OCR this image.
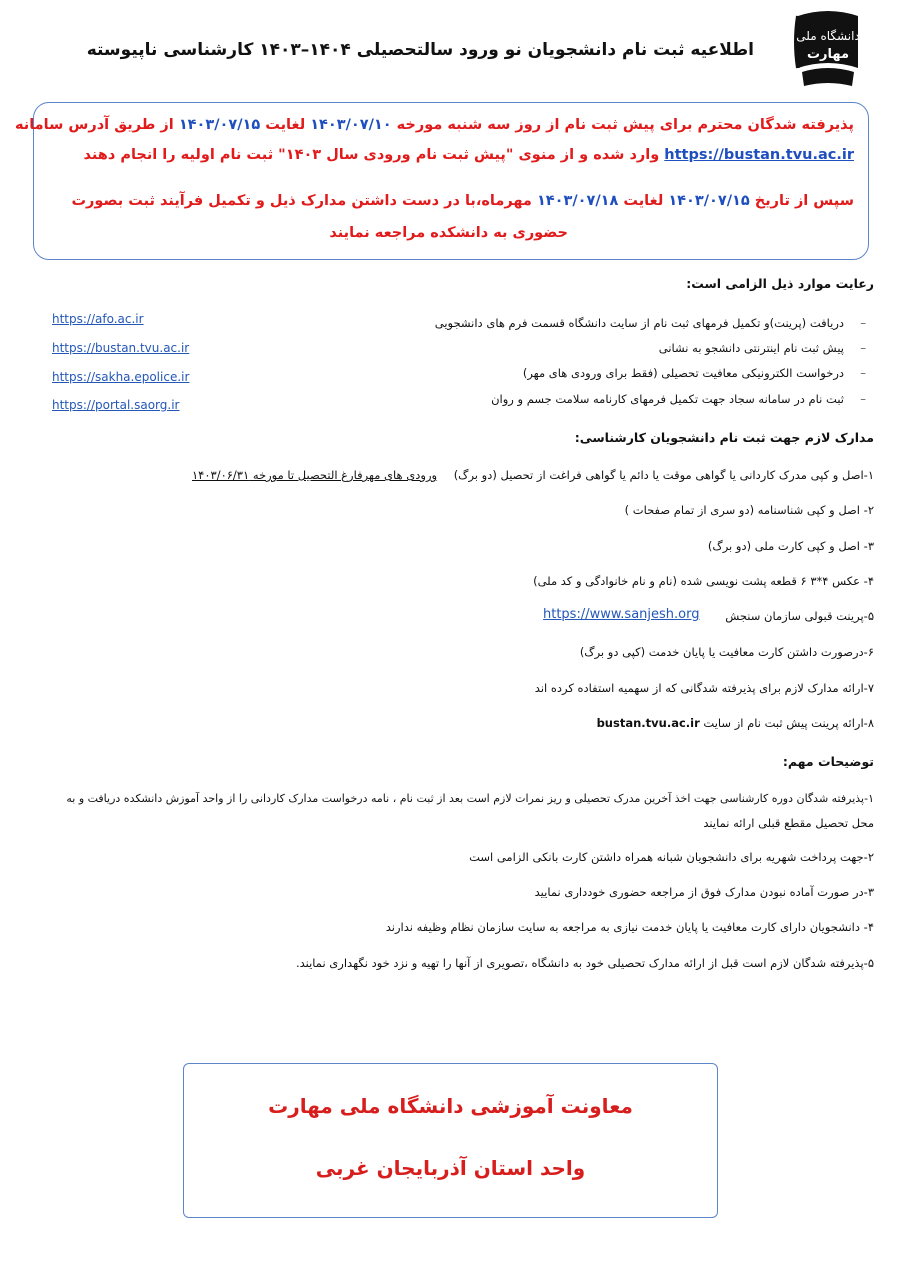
دانشگاه ملی
مهارت
اطلاعیه ثبت نام دانشجویان نو ورود سالتحصیلی ۱۴۰۴–۱۴۰۳ کارشناسی ناپیوسته
پذیرفته شدگان محترم برای پیش ثبت نام از روز سه شنبه مورخه ۱۴۰۳/۰۷/۱۰ لغایت ۱۴۰۳/۰۷/۱۵ از طریق آدرس سامانه
https://bustan.tvu.ac.ir وارد شده و از منوی "پیش ثبت نام ورودی سال ۱۴۰۳" ثبت نام اولیه را انجام دهند
سپس از تاریخ ۱۴۰۳/۰۷/۱۵ لغایت ۱۴۰۳/۰۷/۱۸ مهرماه،با در دست داشتن مدارک ذیل و تکمیل فرآیند ثبت بصورت
حضوری به دانشکده مراجعه نمایند
رعایت موارد ذیل الزامی است:
دریافت (پرینت)و تکمیل فرمهای ثبت نام از سایت دانشگاه قسمت فرم های دانشجویی –
پیش ثبت نام اینترنتی دانشجو به نشانی –
درخواست الکترونیکی معافیت تحصیلی (فقط برای ورودی های مهر) –
ثبت نام در سامانه سجاد جهت تکمیل فرمهای کارنامه سلامت جسم و روان –
https://afo.ac.ir
https://bustan.tvu.ac.ir
https://sakha.epolice.ir
https://portal.saorg.ir
مدارک لازم جهت ثبت نام دانشجویان کارشناسی:
۱-اصل و کپی مدرک کاردانی یا گواهی موقت یا دائم یا گواهی فراغت از تحصیل (دو برگ)
ورودی های مهرفارغ التحصیل تا مورخه ۱۴۰۳/۰۶/۳۱
۲- اصل و کپی شناسنامه (دو سری از تمام صفحات )
۳- اصل و کپی کارت ملی (دو برگ)
۴- عکس ۴*۳ ۶ قطعه پشت نویسی شده (نام و نام خانوادگی و کد ملی)
۵-پرینت قبولی سازمان سنجش
https://www.sanjesh.org
۶-درصورت داشتن کارت معافیت یا پایان خدمت (کپی دو برگ)
۷-ارائه مدارک لازم برای پذیرفته شدگانی که از سهمیه استفاده کرده اند
۸-ارائه پرینت پیش ثبت نام از سایت bustan.tvu.ac.ir
توضیحات مهم:
۱-پذیرفته شدگان دوره کارشناسی جهت اخذ آخرین مدرک تحصیلی و ریز نمرات لازم است بعد از ثبت نام ، نامه درخواست مدارک کاردانی را از واحد آموزش دانشکده دریافت و به
محل تحصیل مقطع قبلی ارائه نمایند
۲-جهت پرداخت شهریه برای دانشجویان شبانه همراه داشتن کارت بانکی الزامی است
۳-در صورت آماده نبودن مدارک فوق از مراجعه حضوری خودداری نمایید
۴- دانشجویان دارای کارت معافیت یا پایان خدمت نیازی به مراجعه به سایت سازمان نظام وظیفه ندارند
۵-پذیرفته شدگان لازم است قبل از ارائه مدارک تحصیلی خود به دانشگاه ،تصویری از آنها را تهیه و نزد خود نگهداری نمایند.
معاونت آموزشی دانشگاه ملی مهارت
واحد استان آذربایجان غربی
